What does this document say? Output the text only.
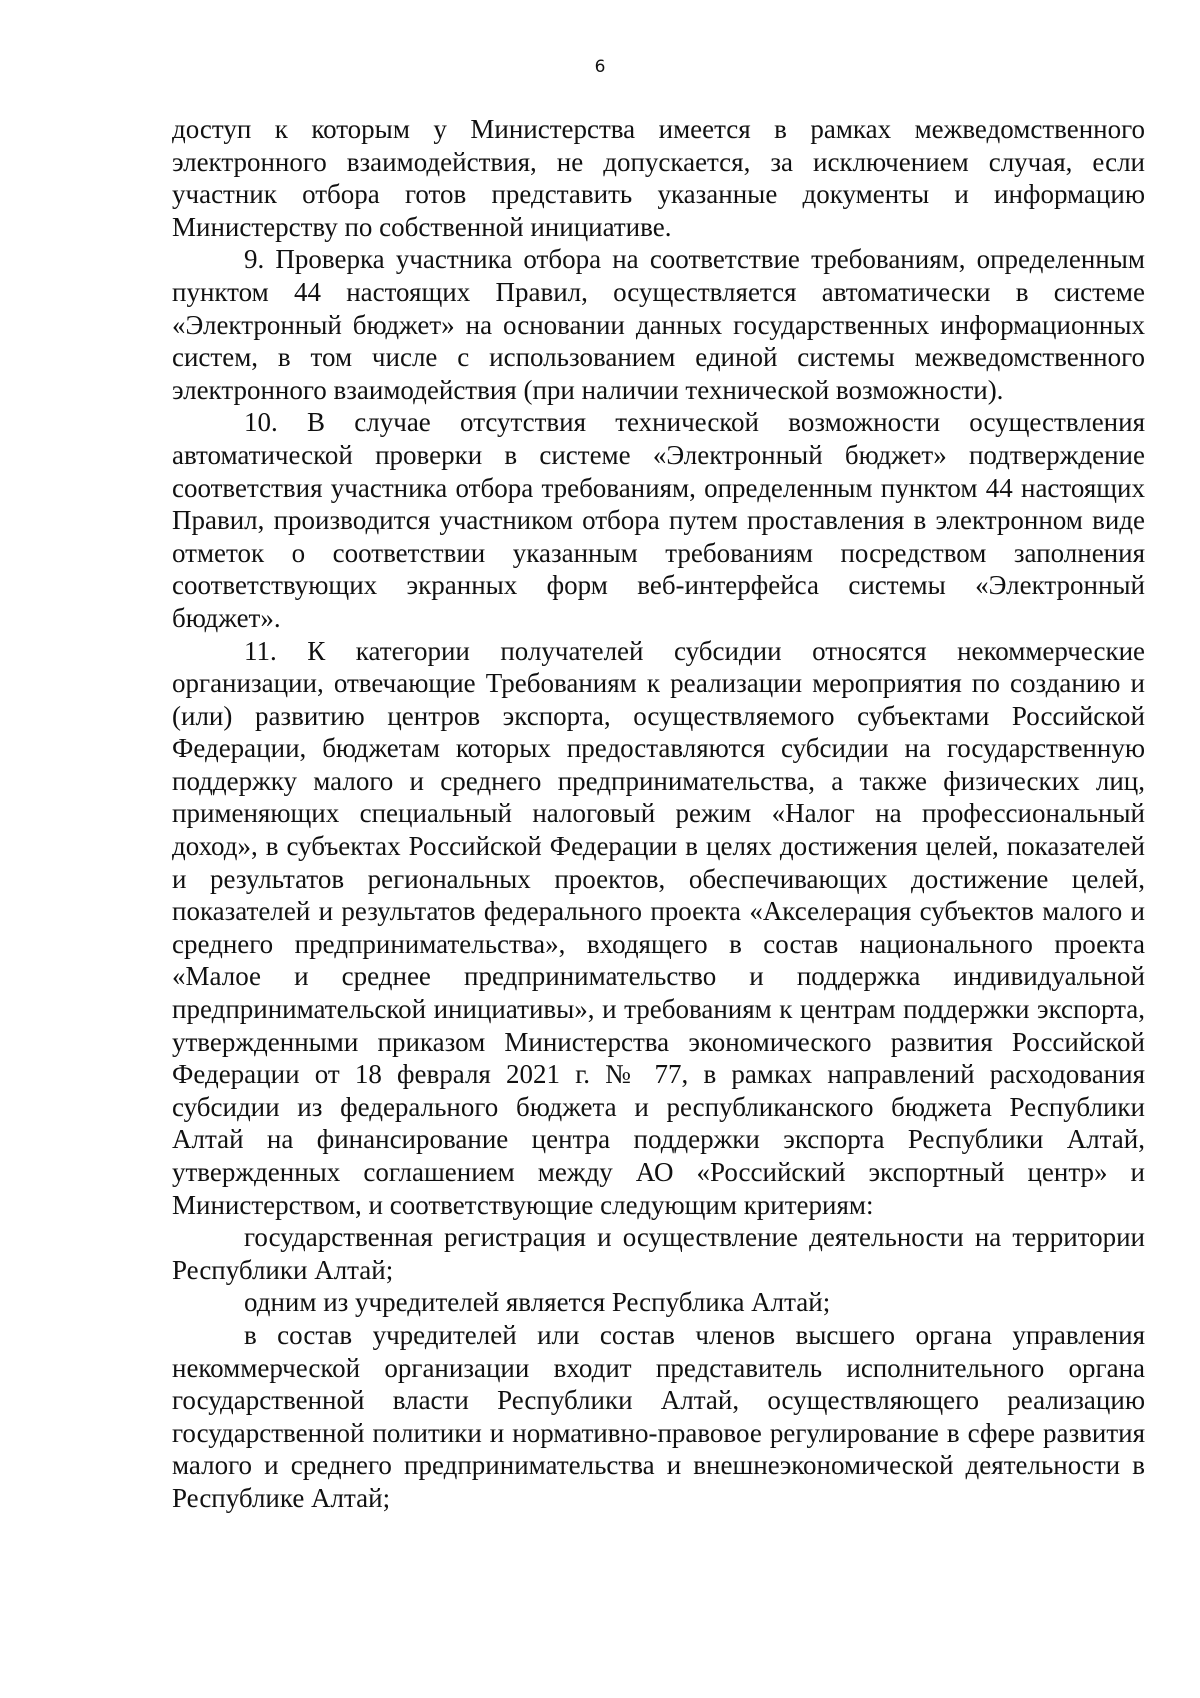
6

доступ к которым у Министерства имеется в рамках межведомственного электронного взаимодействия, не допускается, за исключением случая, если участник отбора готов представить указанные документы и информацию Министерству по собственной инициативе.

9. Проверка участника отбора на соответствие требованиям, определенным пунктом 44 настоящих Правил, осуществляется автоматически в системе «Электронный бюджет» на основании данных государственных информационных систем, в том числе с использованием единой системы межведомственного электронного взаимодействия (при наличии технической возможности).

10. В случае отсутствия технической возможности осуществления автоматической проверки в системе «Электронный бюджет» подтверждение соответствия участника отбора требованиям, определенным пунктом 44 настоящих Правил, производится участником отбора путем проставления в электронном виде отметок о соответствии указанным требованиям посредством заполнения соответствующих экранных форм веб-интерфейса системы «Электронный бюджет».

11. К категории получателей субсидии относятся некоммерческие организации, отвечающие Требованиям к реализации мероприятия по созданию и (или) развитию центров экспорта, осуществляемого субъектами Российской Федерации, бюджетам которых предоставляются субсидии на государственную поддержку малого и среднего предпринимательства, а также физических лиц, применяющих специальный налоговый режим «Налог на профессиональный доход», в субъектах Российской Федерации в целях достижения целей, показателей и результатов региональных проектов, обеспечивающих достижение целей, показателей и результатов федерального проекта «Акселерация субъектов малого и среднего предпринимательства», входящего в состав национального проекта «Малое и среднее предпринимательство и поддержка индивидуальной предпринимательской инициативы», и требованиям к центрам поддержки экспорта, утвержденными приказом Министерства экономического развития Российской Федерации от 18 февраля 2021 г. № 77, в рамках направлений расходования субсидии из федерального бюджета и республиканского бюджета Республики Алтай на финансирование центра поддержки экспорта Республики Алтай, утвержденных соглашением между АО «Российский экспортный центр» и Министерством, и соответствующие следующим критериям:

государственная регистрация и осуществление деятельности на территории Республики Алтай;

одним из учредителей является Республика Алтай;

в состав учредителей или состав членов высшего органа управления некоммерческой организации входит представитель исполнительного органа государственной власти Республики Алтай, осуществляющего реализацию государственной политики и нормативно-правовое регулирование в сфере развития малого и среднего предпринимательства и внешнеэкономической деятельности в Республике Алтай;
